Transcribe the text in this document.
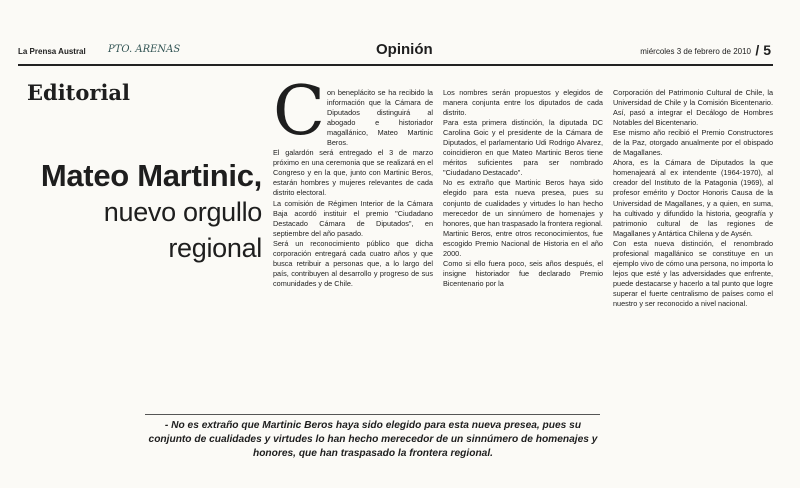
La Prensa Austral PTO. ARENAS	Opinión	miércoles 3 de febrero de 2010 / 5
Editorial
Mateo Martinic,
nuevo orgullo
regional
C on beneplácito se ha recibido la información que la Cámara de Diputados distinguirá al abogado e historiador magallánico, Mateo Martinic Beros.

El galardón será entregado el 3 de marzo próximo en una ceremonia que se realizará en el Congreso y en la que, junto con Martinic Beros, estarán hombres y mujeres relevantes de cada distrito electoral.

La comisión de Régimen Interior de la Cámara Baja acordó instituir el premio "Ciudadano Destacado Cámara de Diputados", en septiembre del año pasado.

Será un reconocimiento público que dicha corporación entregará cada cuatro años y que busca retribuir a personas que, a lo largo del país, contribuyen al desarrollo y progreso de sus comunidades y de Chile.

Los nombres serán propuestos y elegidos de manera conjunta entre los diputados de cada distrito.

Para esta primera distinción, la diputada DC Carolina Goic y el presidente de la Cámara de Diputados, el parlamentario Udi Rodrigo Alvarez, coincidieron en que Mateo Martinic Beros tiene méritos suficientes para ser nombrado "Ciudadano Destacado".

No es extraño que Martinic Beros haya sido elegido para esta nueva presea, pues su conjunto de cualidades y virtudes lo han hecho merecedor de un sinnúmero de homenajes y honores, que han traspasado la frontera regional.

Martinic Beros, entre otros reconocimientos, fue escogido Premio Nacional de Historia en el año 2000.

Como si ello fuera poco, seis años después, el insigne historiador fue declarado Premio Bicentenario por la

Corporación del Patrimonio Cultural de Chile, la Universidad de Chile y la Comisión Bicentenario. Así, pasó a integrar el Decálogo de Hombres Notables del Bicentenario.

Ese mismo año recibió el Premio Constructores de la Paz, otorgado anualmente por el obispado de Magallanes.

Ahora, es la Cámara de Diputados la que homenajeará al ex intendente (1964-1970), al creador del Instituto de la Patagonia (1969), al profesor emérito y Doctor Honoris Causa de la Universidad de Magallanes, y a quien, en suma, ha cultivado y difundido la historia, geografía y patrimonio cultural de las regiones de Magallanes y Antártica Chilena y de Aysén.

Con esta nueva distinción, el renombrado profesional magallánico se constituye en un ejemplo vivo de cómo una persona, no importa lo lejos que esté y las adversidades que enfrente, puede destacarse y hacerlo a tal punto que logre superar el fuerte centralismo de países como el nuestro y ser reconocido a nivel nacional.

- No es extraño que Martinic Beros haya sido elegido para esta nueva presea, pues su conjunto de cualidades y virtudes lo han hecho merecedor de un sinnúmero de homenajes y honores, que han traspasado la frontera regional.
